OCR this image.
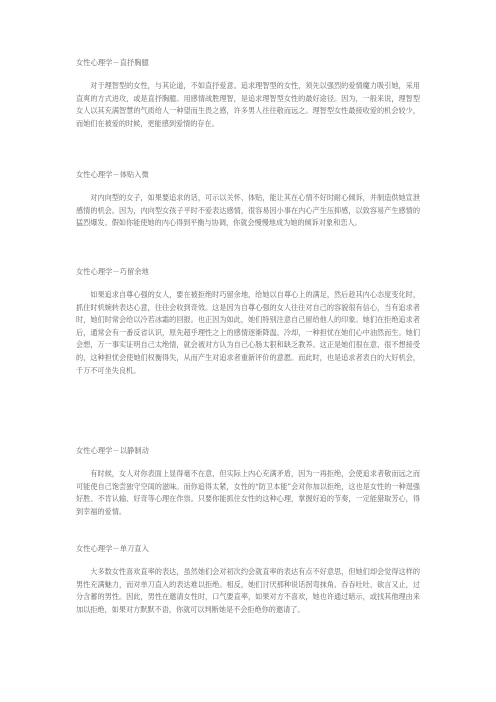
女性心理学－直抒胸臆
对于理智型的女性，与其论道，不如直抒爱意。追求理智型的女性，须先以强烈的爱情魔力吸引她，采用直爽的方式进攻，或是直抒胸臆。用感情战胜理智，是追求理智型女性的最好途径。因为，一般来说，理智型女人以其充满智慧的气质给人一种望而生畏之感，许多男人往往敬而远之。理智型女性最接收爱的机会较少，而她们在被爱的时候，更能感到爱情的存在。
女性心理学－体贴入微
对内向型的女子，如果要追求的话，可示以关怀、体贴，能让其在心情不好时耐心倾诉，并制造供她宣泄感情的机会。因为，内向型女孩子平时不爱表达感情，很容易因小事在内心产生压抑感，以致容易产生感情的猛烈爆发。假如你能使她的内心得到平衡与协调，你就会慢慢地成为她的倾诉对象和恋人。
女性心理学－巧留余地
如果追求自尊心强的女人，要在被拒绝时巧留余地，给她以自尊心上的满足，然后趁其内心态度变化时，抓住时机婉转表达心意，往往会收到奇效。这是因为自尊心强的女人往往对自己的容貌很有信心，当有追求者时，她们时常会给以冷若冰霜的回报。也正因为如此，她们特别注意自己留给他人的印象。她们在拒绝追求者后，通常会有一番反省认识，原先超乎理性之上的感情逐渐降温、冷却，一种担忧在她们心中油然而生。她们会想，万一事实证明自己太绝情，就会被对方认为自己心肠太狠和缺乏教养。这正是她们很在意、很不想接受的，这种担忧会使她们权衡得失，从而产生对追求者重新评价的意愿。而此时，也是追求者表白的大好机会，千万不可坐失良机。
女性心理学－以静制动
有时候，女人对你表面上显得毫不在意，但实际上内心充满矛盾，因为一再拒绝，会使追求者敬而远之而可能使自己饱尝独守空闺的滋味。而你追得太紧，女性的“防卫本能”会对你加以拒绝，这也是女性的一种逞强好胜、不肯认输、好奇等心理在作祟。只要你能抓住女性的这种心理，掌握好追的节奏，一定能猎取芳心，得到幸福的爱情。
女性心理学－单刀直入
大多数女性喜欢直率的表达，虽然她们会对初次约会就直率的表达有点不好意思，但她们却会觉得这样的男性充满魅力，而对单刀直入的表达难以拒绝。相反，她们讨厌那种说话拐弯抹角、吞吞吐吐、欲言又止，过分含蓄的男性。因此，男性在邀请女性时，口气要直率，如果对方不喜欢，她也许通过暗示，或找其他理由来加以拒绝，如果对方默默不语，你就可以判断她是不会拒绝你的邀请了。
